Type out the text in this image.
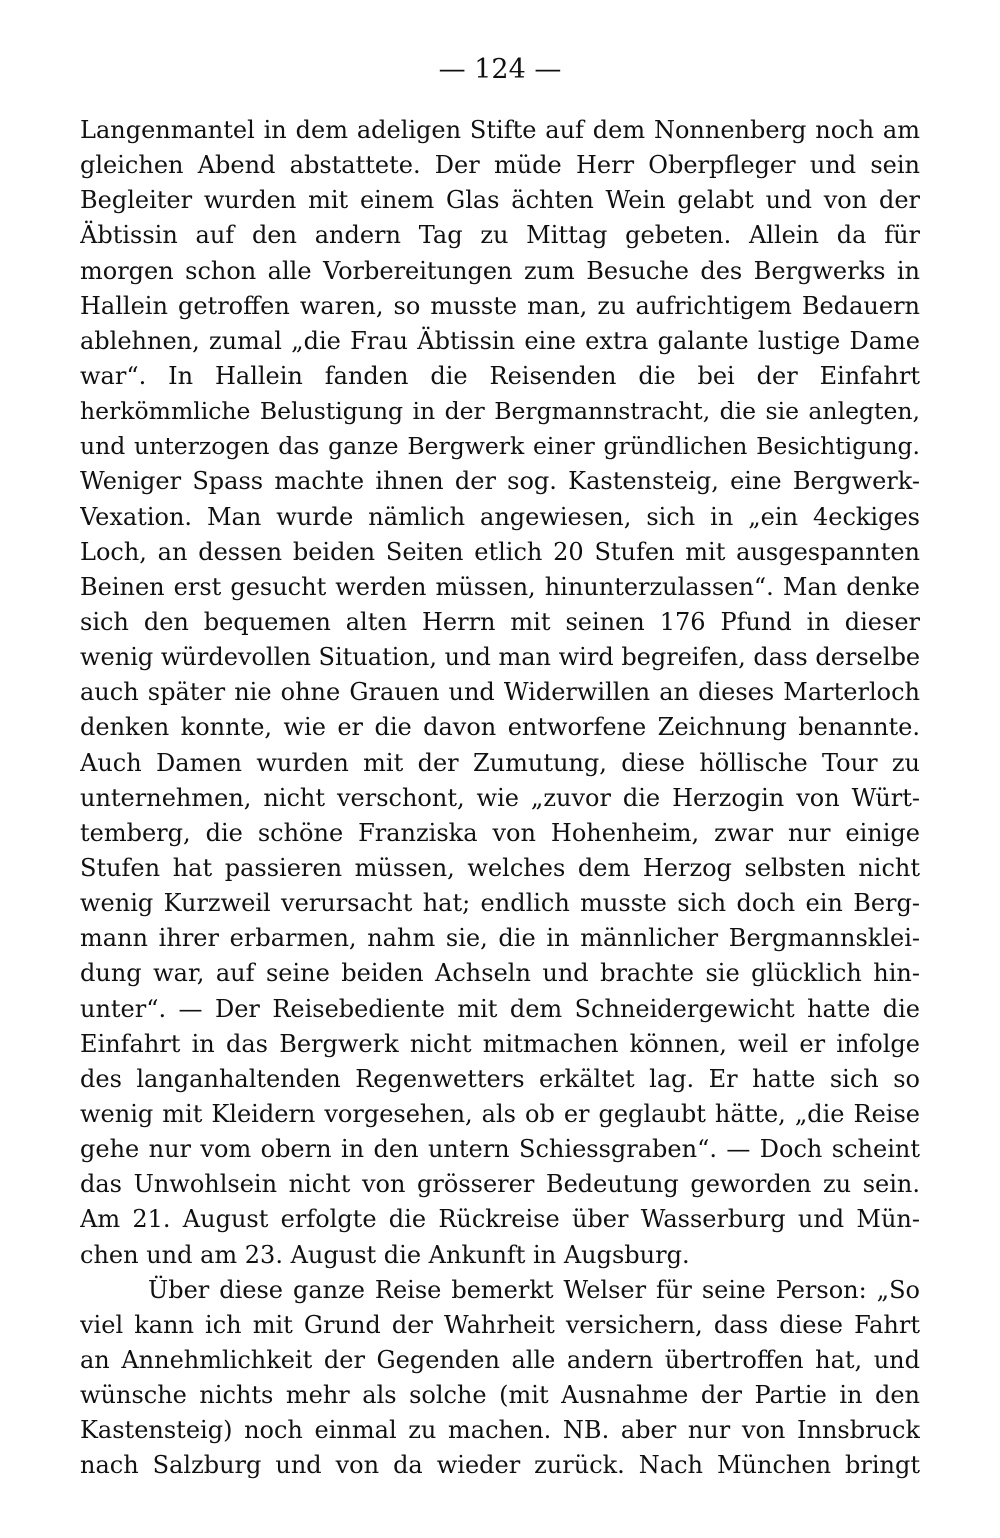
— 124 —
Langenmantel in dem adeligen Stifte auf dem Nonnenberg noch am
gleichen Abend abstattete. Der müde Herr Oberpfleger und sein
Begleiter wurden mit einem Glas ächten Wein gelabt und von der
Äbtissin auf den andern Tag zu Mittag gebeten. Allein da für
morgen schon alle Vorbereitungen zum Besuche des Bergwerks in
Hallein getroffen waren, so musste man, zu aufrichtigem Bedauern
ablehnen, zumal „die Frau Äbtissin eine extra galante lustige Dame
war“. In Hallein fanden die Reisenden die bei der Einfahrt
herkömmliche Belustigung in der Bergmannstracht, die sie anlegten,
und unterzogen das ganze Bergwerk einer gründlichen Besichtigung.
Weniger Spass machte ihnen der sog. Kastensteig, eine Bergwerk-
Vexation. Man wurde nämlich angewiesen, sich in „ein 4eckiges
Loch, an dessen beiden Seiten etlich 20 Stufen mit ausgespannten
Beinen erst gesucht werden müssen, hinunterzulassen“. Man denke
sich den bequemen alten Herrn mit seinen 176 Pfund in dieser
wenig würdevollen Situation, und man wird begreifen, dass derselbe
auch später nie ohne Grauen und Widerwillen an dieses Marterloch
denken konnte, wie er die davon entworfene Zeichnung benannte.
Auch Damen wurden mit der Zumutung, diese höllische Tour zu
unternehmen, nicht verschont, wie „zuvor die Herzogin von Würt-
temberg, die schöne Franziska von Hohenheim, zwar nur einige
Stufen hat passieren müssen, welches dem Herzog selbsten nicht
wenig Kurzweil verursacht hat; endlich musste sich doch ein Berg-
mann ihrer erbarmen, nahm sie, die in männlicher Bergmannsklei-
dung war, auf seine beiden Achseln und brachte sie glücklich hin-
unter“. — Der Reisebediente mit dem Schneidergewicht hatte die
Einfahrt in das Bergwerk nicht mitmachen können, weil er infolge
des langanhaltenden Regenwetters erkältet lag. Er hatte sich so
wenig mit Kleidern vorgesehen, als ob er geglaubt hätte, „die Reise
gehe nur vom obern in den untern Schiessgraben“. — Doch scheint
das Unwohlsein nicht von grösserer Bedeutung geworden zu sein.
Am 21. August erfolgte die Rückreise über Wasserburg und Mün-
chen und am 23. August die Ankunft in Augsburg.
Über diese ganze Reise bemerkt Welser für seine Person: „So
viel kann ich mit Grund der Wahrheit versichern, dass diese Fahrt
an Annehmlichkeit der Gegenden alle andern übertroffen hat, und
wünsche nichts mehr als solche (mit Ausnahme der Partie in den
Kastensteig) noch einmal zu machen. NB. aber nur von Innsbruck
nach Salzburg und von da wieder zurück. Nach München bringt
